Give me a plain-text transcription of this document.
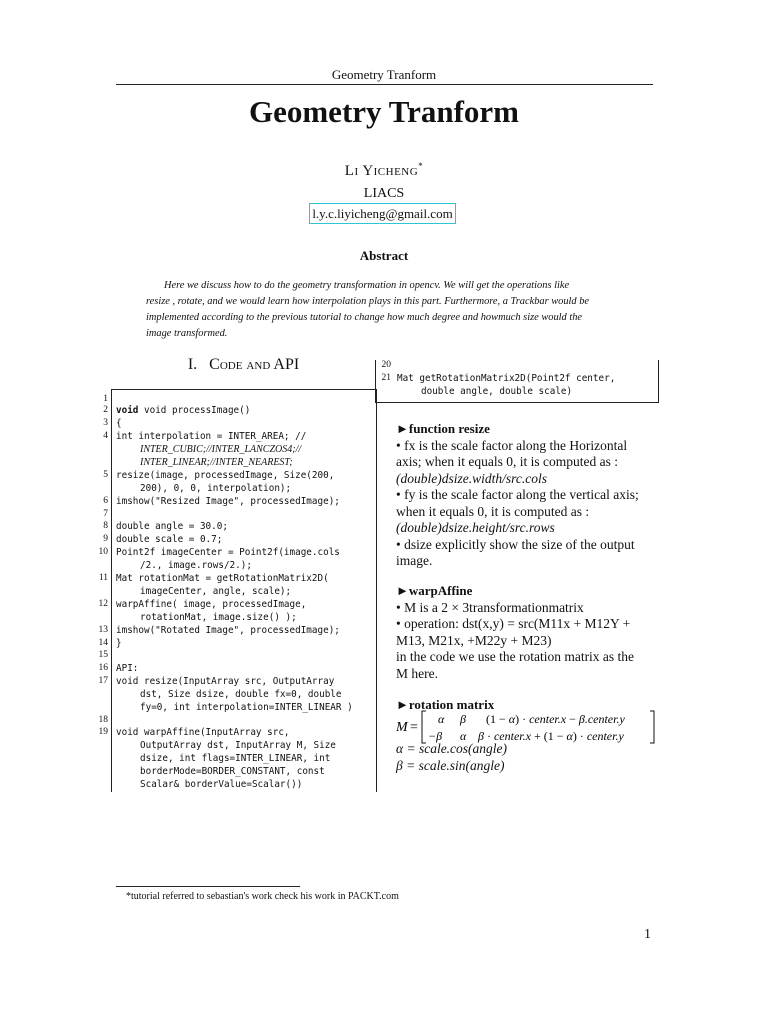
Geometry Tranform
Geometry Tranform
Li Yicheng*
LIACS
l.y.c.liyicheng@gmail.com
Abstract
Here we discuss how to do the geometry transformation in opencv. We will get the operations like
resize , rotate, and we would learn how interpolation plays in this part. Furthermore, a Trackbar would be
implemented according to the previous tutorial to change how much degree and howmuch size would the
image transformed.
I. Code and API
1
2
3
4
5
6
7
8
9
10
11
12
13
14
15
16
17
18
19
void void processImage()
{
int interpolation = INTER_AREA; //
INTER_CUBIC;//INTER_LANCZOS4;//
INTER_LINEAR;//INTER_NEAREST;
resize(image, processedImage, Size(200,
200), 0, 0, interpolation);
imshow("Resized Image", processedImage);
double angle = 30.0;
double scale = 0.7;
Point2f imageCenter = Point2f(image.cols
/2., image.rows/2.);
Mat rotationMat = getRotationMatrix2D(
imageCenter, angle, scale);
warpAffine( image, processedImage,
rotationMat, image.size() );
imshow("Rotated Image", processedImage);
}
API:
void resize(InputArray src, OutputArray
dst, Size dsize, double fx=0, double
fy=0, int interpolation=INTER_LINEAR )
void warpAffine(InputArray src,
OutputArray dst, InputArray M, Size
dsize, int flags=INTER_LINEAR, int
borderMode=BORDER_CONSTANT, const
Scalar& borderValue=Scalar())
20
21 Mat getRotationMatrix2D(Point2f center,
double angle, double scale)
►function resize
• fx is the scale factor along the Horizontal
axis; when it equals 0, it is computed as :
(double)dsize.width/src.cols
• fy is the scale factor along the vertical axis;
when it equals 0, it is computed as :
(double)dsize.height/src.rows
• dsize explicitly show the size of the output
image.
►warpAffine
• M is a 2 × 3transformationmatrix
• operation: dst(x,y) = src(M11x + M12Y +
M13, M21x, +M22y + M23)
in the code we use the rotation matrix as the
M here.
►rotation matrix
M =
α β (1 − α) · center.x − β.center.y
−β α β · center.x + (1 − α) · center.y
α = scale.cos(angle)
β = scale.sin(angle)
*tutorial referred to sebastian's work check his work in PACKT.com
1
